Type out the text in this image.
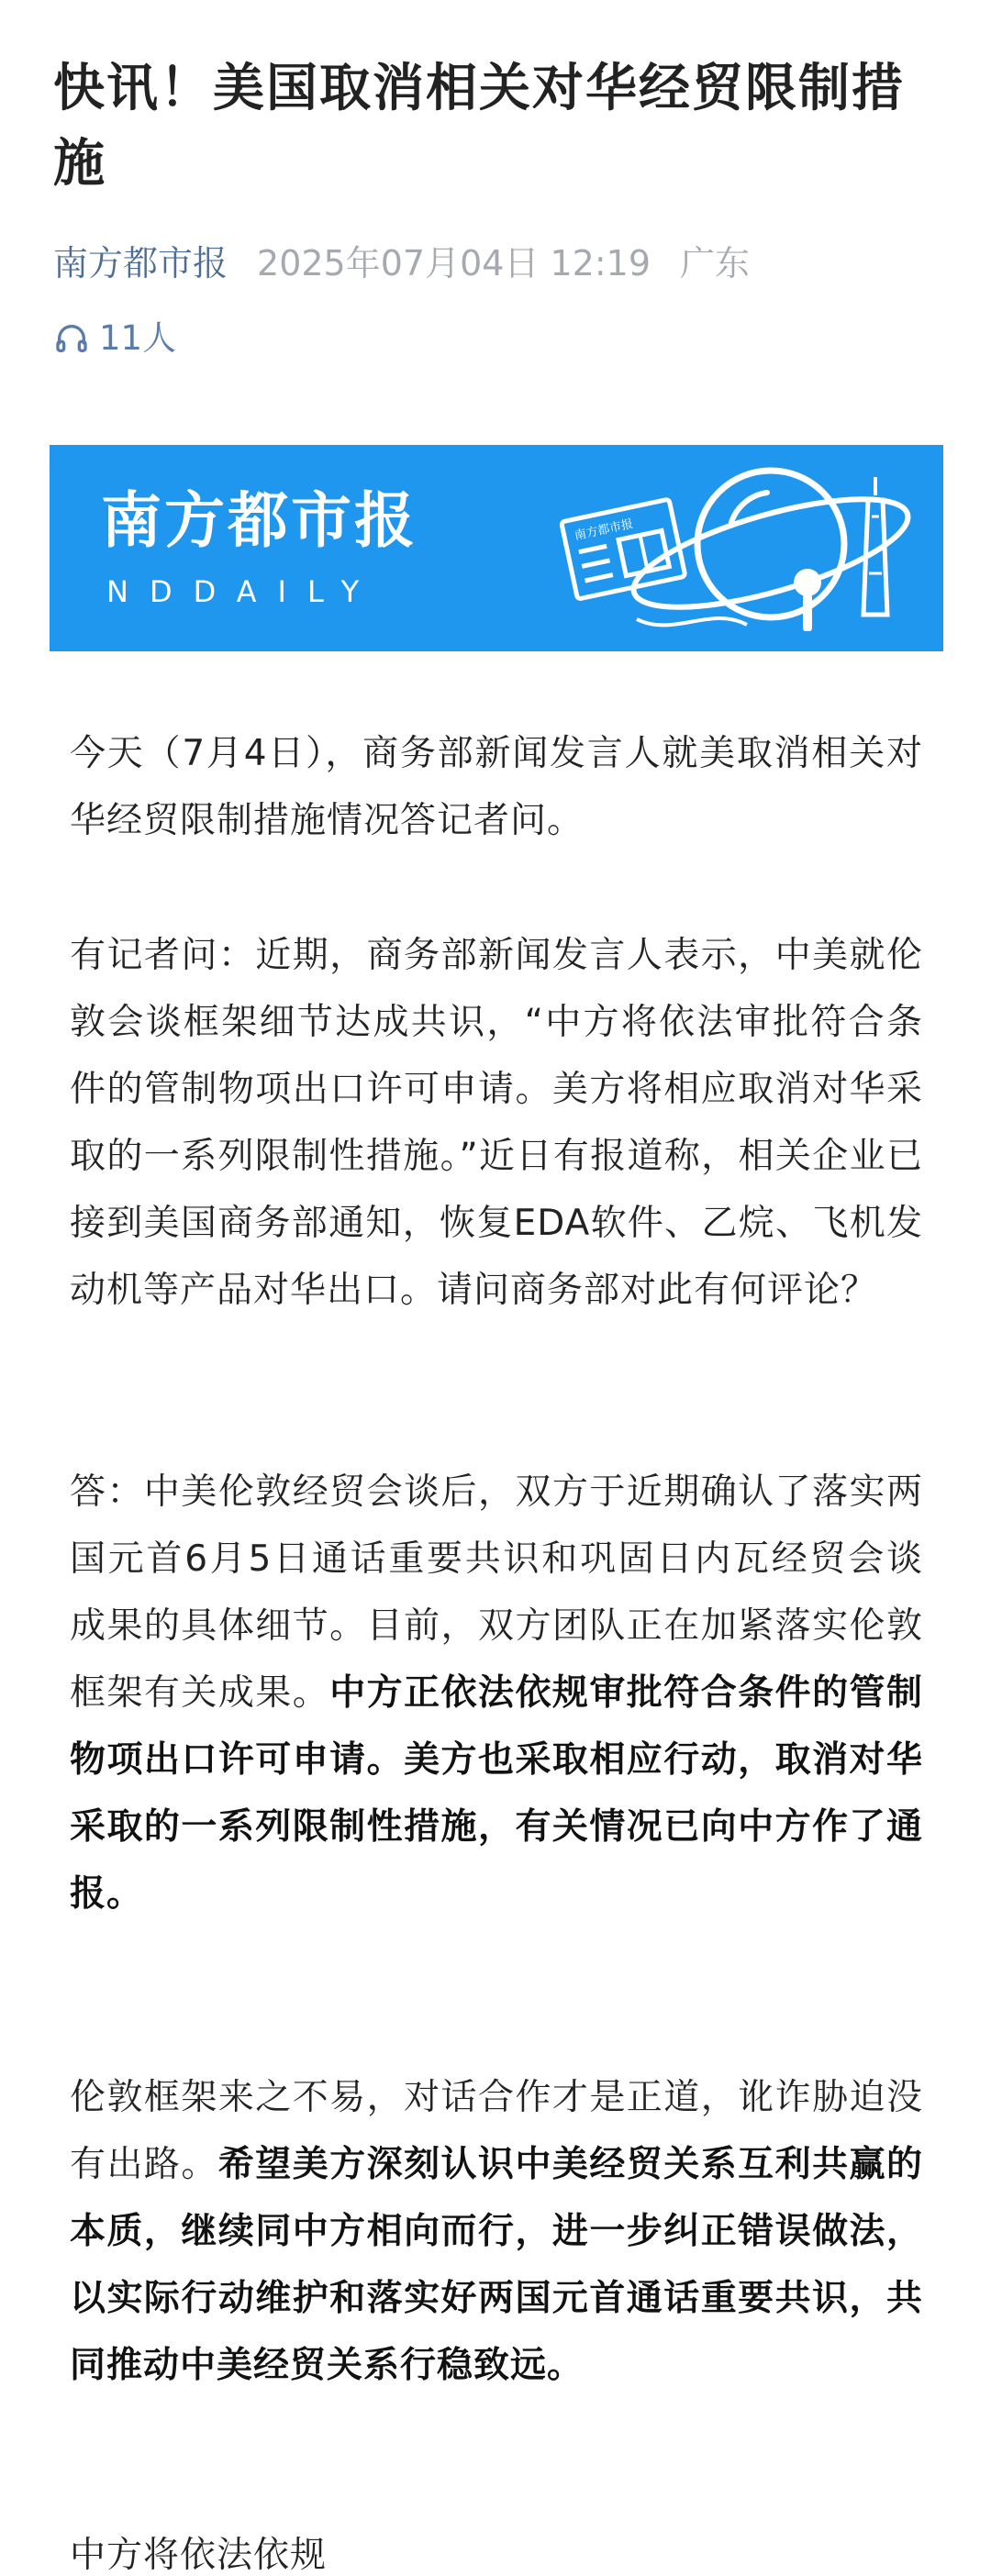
快讯！美国取消相关对华经贸限制措施
南方都市报 2025年07月04日 12:19 广东
11人
南方都市报
NDDAILY
南方都市报
今天（7月4日），商务部新闻发言人就美取消相关对华经贸限制措施情况答记者问。
有记者问：近期，商务部新闻发言人表示，中美就伦敦会谈框架细节达成共识，“中方将依法审批符合条件的管制物项出口许可申请。美方将相应取消对华采取的一系列限制性措施。”近日有报道称，相关企业已接到美国商务部通知，恢复EDA软件、乙烷、飞机发动机等产品对华出口。请问商务部对此有何评论？
答：中美伦敦经贸会谈后，双方于近期确认了落实两国元首6月5日通话重要共识和巩固日内瓦经贸会谈成果的具体细节。目前，双方团队正在加紧落实伦敦框架有关成果。中方正依法依规审批符合条件的管制物项出口许可申请。美方也采取相应行动，取消对华采取的一系列限制性措施，有关情况已向中方作了通报。
伦敦框架来之不易，对话合作才是正道，讹诈胁迫没有出路。希望美方深刻认识中美经贸关系互利共赢的本质，继续同中方相向而行，进一步纠正错误做法，以实际行动维护和落实好两国元首通话重要共识，共同推动中美经贸关系行稳致远。
中方将依法依规
